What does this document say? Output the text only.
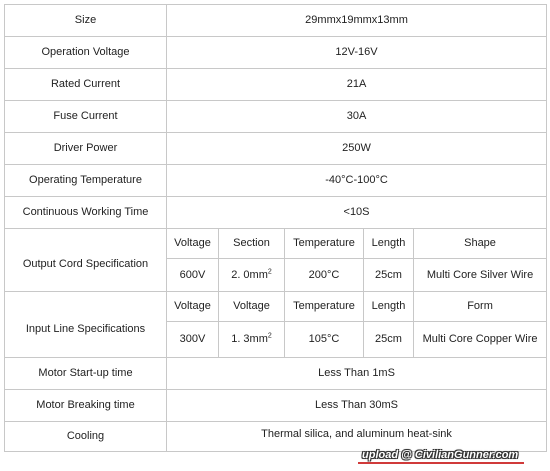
Size	29mmx19mmx13mm				
Operation Voltage	12V-16V				
Rated Current	21A				
Fuse Current	30A				
Driver Power	250W				
Operating Temperature	-40°C-100°C				
Continuous Working Time	<10S				
Output Cord Specification	Voltage	Section	Temperature	Length	Shape
	600V	2. $0mm^2$	200°C	25cm	Multi Core Silver Wire
Input Line Specifications	Voltage	Voltage	Temperature	Length	Form
	300V	1. $3mm^2$	105°C	25cm	Multi Core Copper Wire
Motor Start-up time	Less Than 1mS				
Motor Breaking time	Less Than 30mS				
Cooling	Thermal silica, and aluminum heat-sink				
upload @ CivilianGunner.com
